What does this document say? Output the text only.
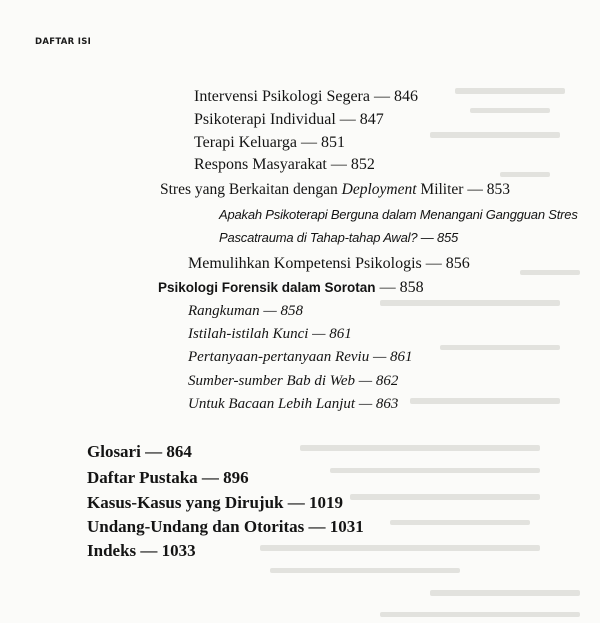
DAFTAR ISI
Intervensi Psikologi Segera — 846
Psikoterapi Individual — 847
Terapi Keluarga — 851
Respons Masyarakat — 852
Stres yang Berkaitan dengan Deployment Militer — 853
Apakah Psikoterapi Berguna dalam Menangani Gangguan Stres
Pascatrauma di Tahap-tahap Awal? — 855
Memulihkan Kompetensi Psikologis — 856
Psikologi Forensik dalam Sorotan — 858
Rangkuman — 858
Istilah-istilah Kunci — 861
Pertanyaan-pertanyaan Reviu — 861
Sumber-sumber Bab di Web — 862
Untuk Bacaan Lebih Lanjut — 863
Glosari — 864
Daftar Pustaka — 896
Kasus-Kasus yang Dirujuk — 1019
Undang-Undang dan Otoritas — 1031
Indeks — 1033
